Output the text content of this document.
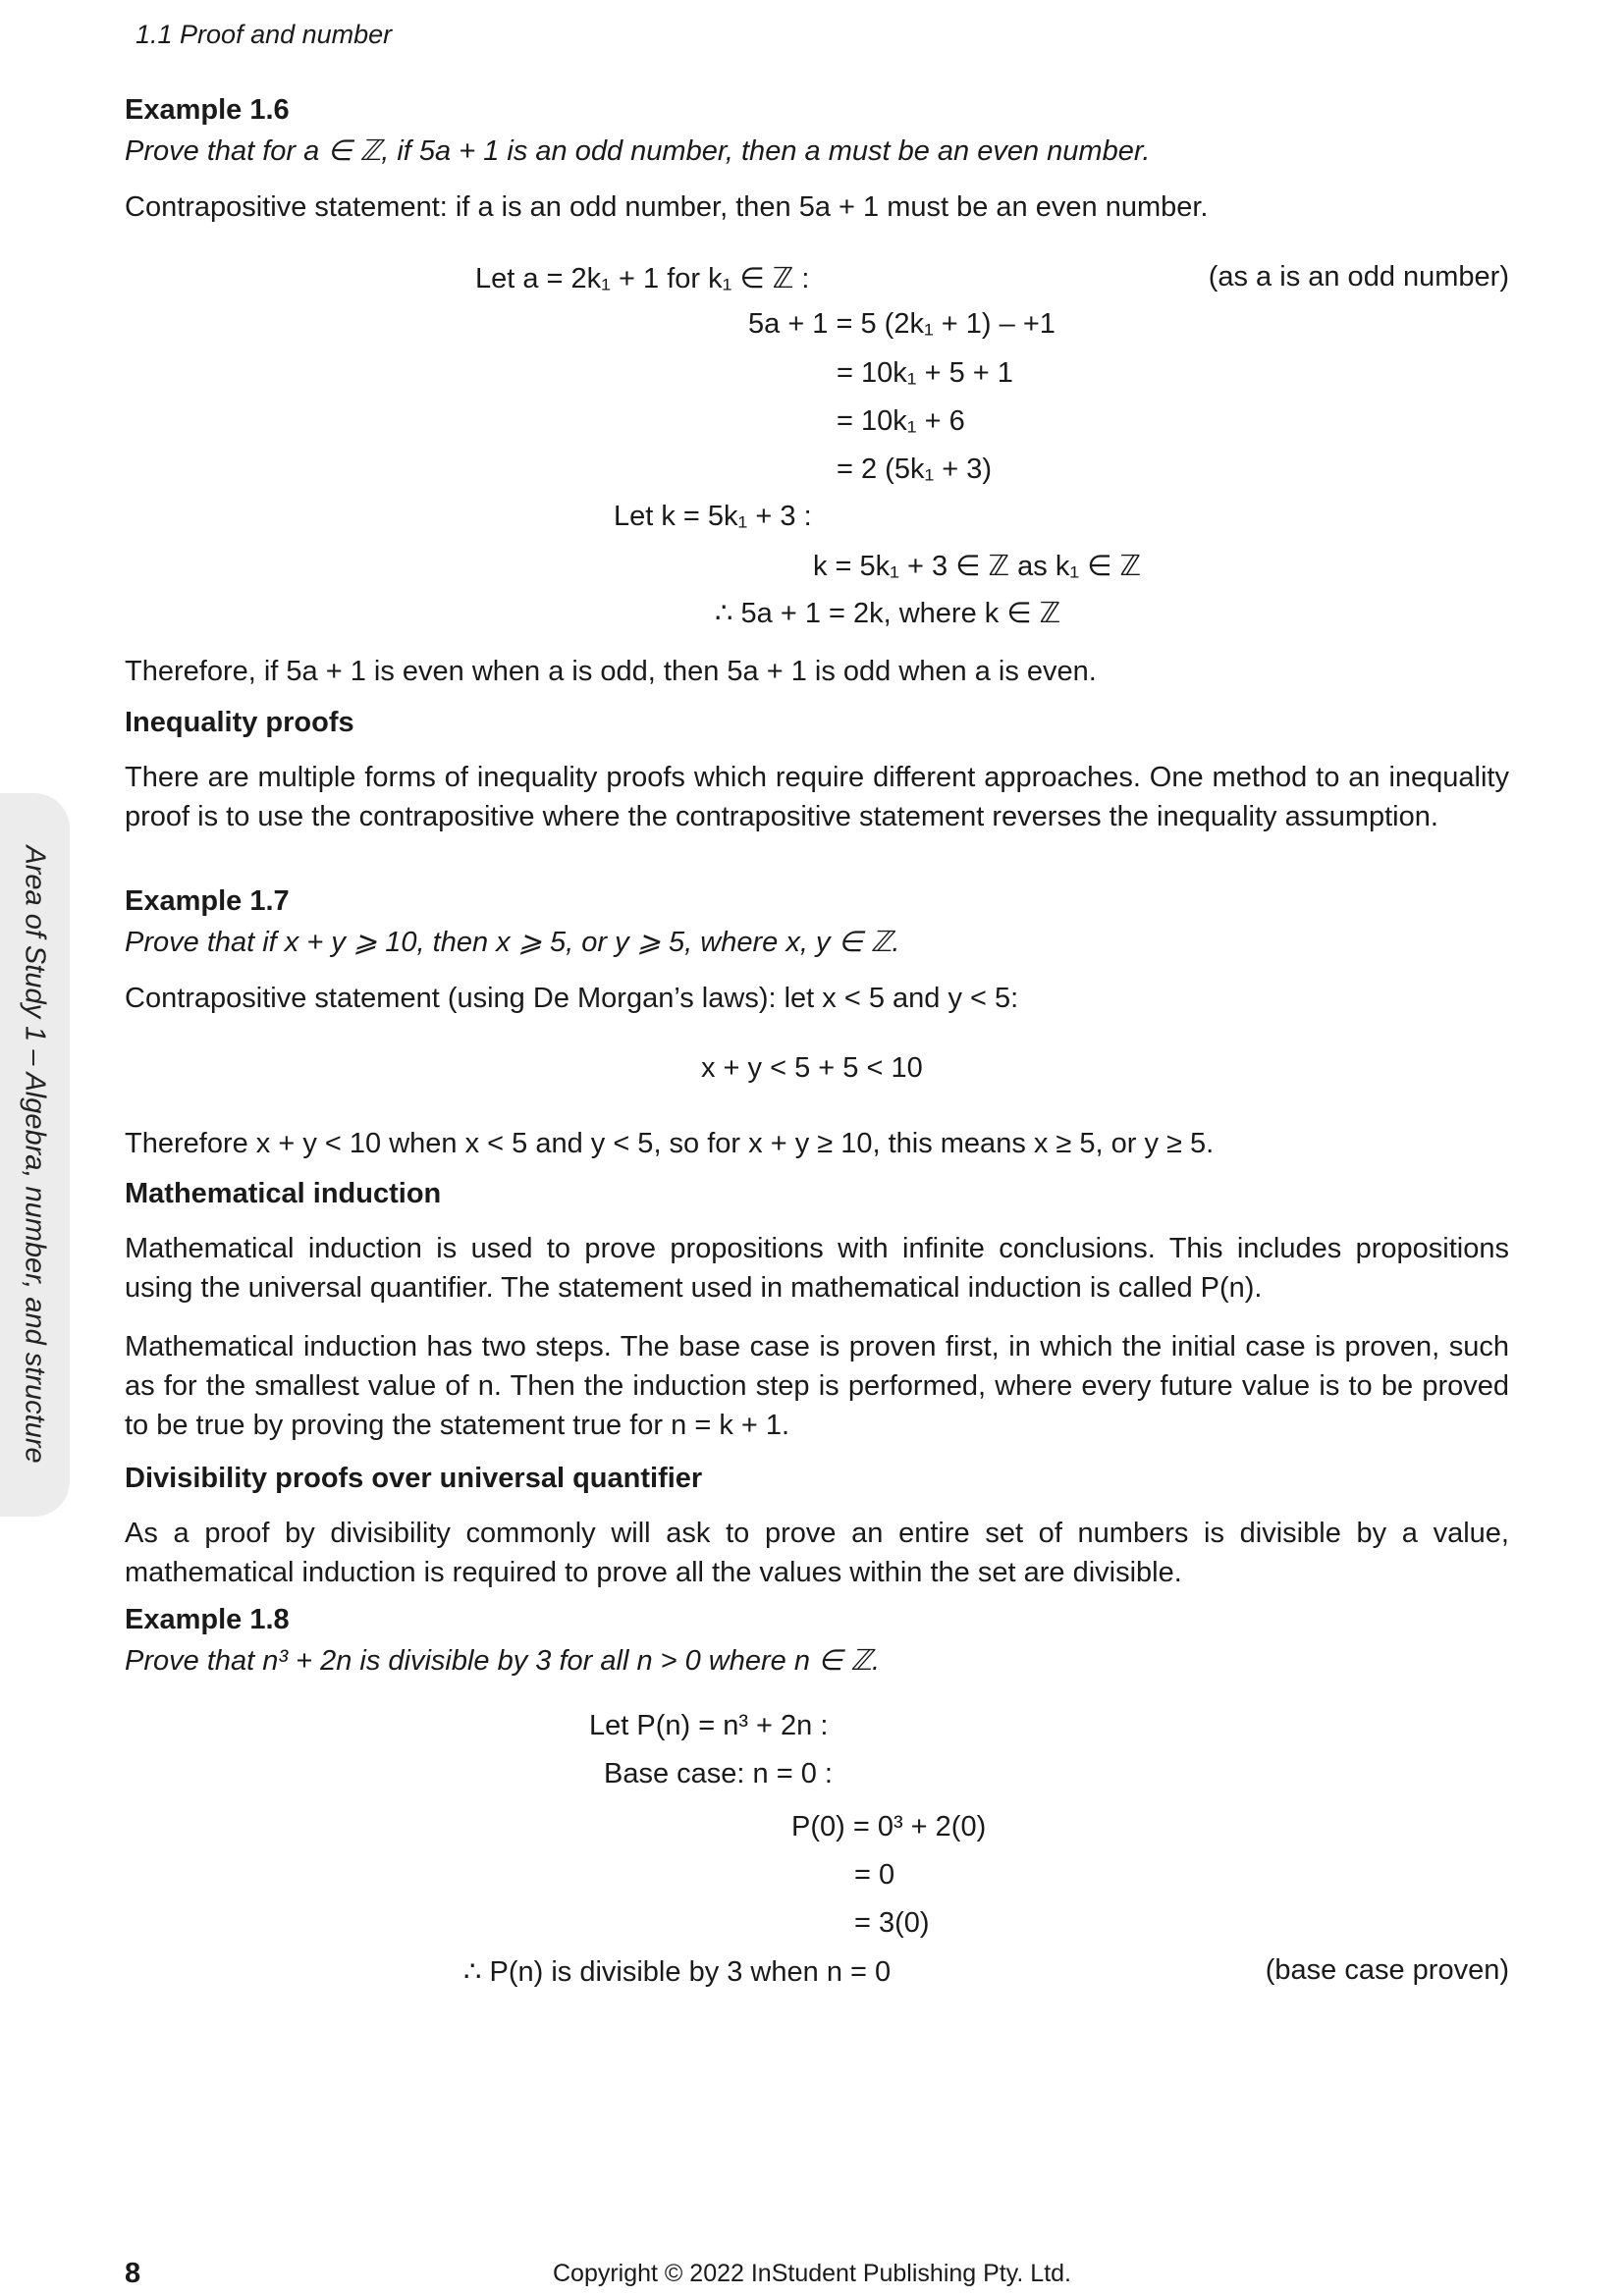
1.1 Proof and number
Area of Study 1 – Algebra, number, and structure
Example 1.6
Prove that for a ∈ ℤ, if 5a + 1 is an odd number, then a must be an even number.
Contrapositive statement: if a is an odd number, then 5a + 1 must be an even number.
Let a = 2k₁ + 1 for k₁ ∈ ℤ :	(as a is an odd number)
5a + 1 = 5 (2k₁ + 1) – +1
= 10k₁ + 5 + 1
= 10k₁ + 6
= 2 (5k₁ + 3)
Let k = 5k₁ + 3 :
k = 5k₁ + 3 ∈ ℤ as k₁ ∈ ℤ
∴ 5a + 1 = 2k, where k ∈ ℤ
Therefore, if 5a + 1 is even when a is odd, then 5a + 1 is odd when a is even.
Inequality proofs
There are multiple forms of inequality proofs which require different approaches. One method to an inequality proof is to use the contrapositive where the contrapositive statement reverses the inequality assumption.
Example 1.7
Prove that if x + y ⩾ 10, then x ⩾ 5, or y ⩾ 5, where x, y ∈ ℤ.
Contrapositive statement (using De Morgan’s laws): let x < 5 and y < 5:
x + y < 5 + 5 < 10
Therefore x + y < 10 when x < 5 and y < 5, so for x + y ≥ 10, this means x ≥ 5, or y ≥ 5.
Mathematical induction
Mathematical induction is used to prove propositions with infinite conclusions. This includes propositions using the universal quantifier. The statement used in mathematical induction is called P(n).
Mathematical induction has two steps. The base case is proven first, in which the initial case is proven, such as for the smallest value of n. Then the induction step is performed, where every future value is to be proved to be true by proving the statement true for n = k + 1.
Divisibility proofs over universal quantifier
As a proof by divisibility commonly will ask to prove an entire set of numbers is divisible by a value, mathematical induction is required to prove all the values within the set are divisible.
Example 1.8
Prove that n³ + 2n is divisible by 3 for all n > 0 where n ∈ ℤ.
Let P(n) = n³ + 2n :
Base case: n = 0 :
P(0) = 0³ + 2(0)
= 0
= 3(0)
∴ P(n) is divisible by 3 when n = 0	(base case proven)
8	Copyright © 2022 InStudent Publishing Pty. Ltd.
